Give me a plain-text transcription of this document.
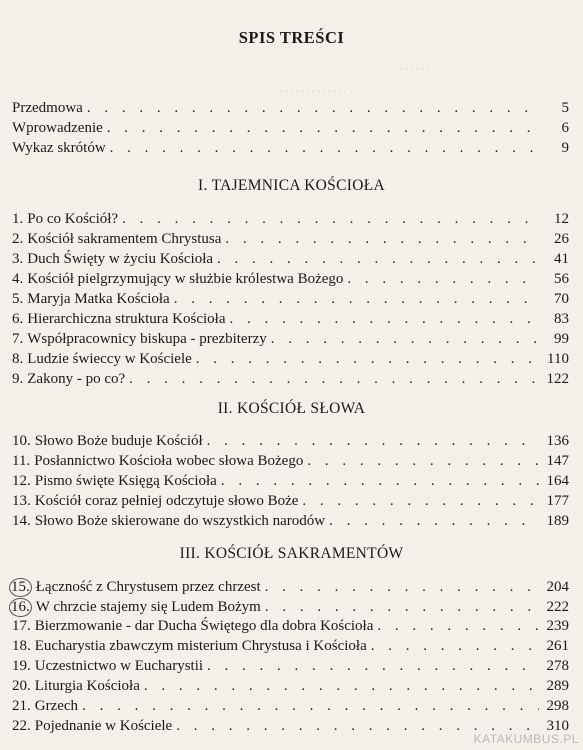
SPIS TREŚCI
· · · · · ·
· · · · · · · · · · · · ·
Przedmowa . . .	5
Wprowadzenie . . .	6
Wykaz skrótów . . .	9
I. TAJEMNICA KOŚCIOŁA
1. Po co Kościół? . . .	12
2. Kościół sakramentem Chrystusa . . .	26
3. Duch Święty w życiu Kościoła . . .	41
4. Kościół pielgrzymujący w służbie królestwa Bożego . . .	56
5. Maryja Matka Kościoła . . .	70
6. Hierarchiczna struktura Kościoła . . .	83
7. Współpracownicy biskupa - prezbiterzy . . .	99
8. Ludzie świeccy w Kościele . . .	110
9. Zakony - po co? . . .	122
II. KOŚCIÓŁ SŁOWA
10. Słowo Boże buduje Kościół . . .	136
11. Posłannictwo Kościoła wobec słowa Bożego . . .	147
12. Pismo święte Księgą Kościoła . . .	164
13. Kościół coraz pełniej odczytuje słowo Boże . . .	177
14. Słowo Boże skierowane do wszystkich narodów . . .	189
III. KOŚCIÓŁ SAKRAMENTÓW
15. Łączność z Chrystusem przez chrzest . . .	204
16. W chrzcie stajemy się Ludem Bożym . . .	222
17. Bierzmowanie - dar Ducha Świętego dla dobra Kościoła . . .	239
18. Eucharystia zbawczym misterium Chrystusa i Kościoła . . .	261
19. Uczestnictwo w Eucharystii . . .	278
20. Liturgia Kościoła . . .	289
21. Grzech . . .	298
22. Pojednanie w Kościele . . .	310
KATAKUMBUS.PL
